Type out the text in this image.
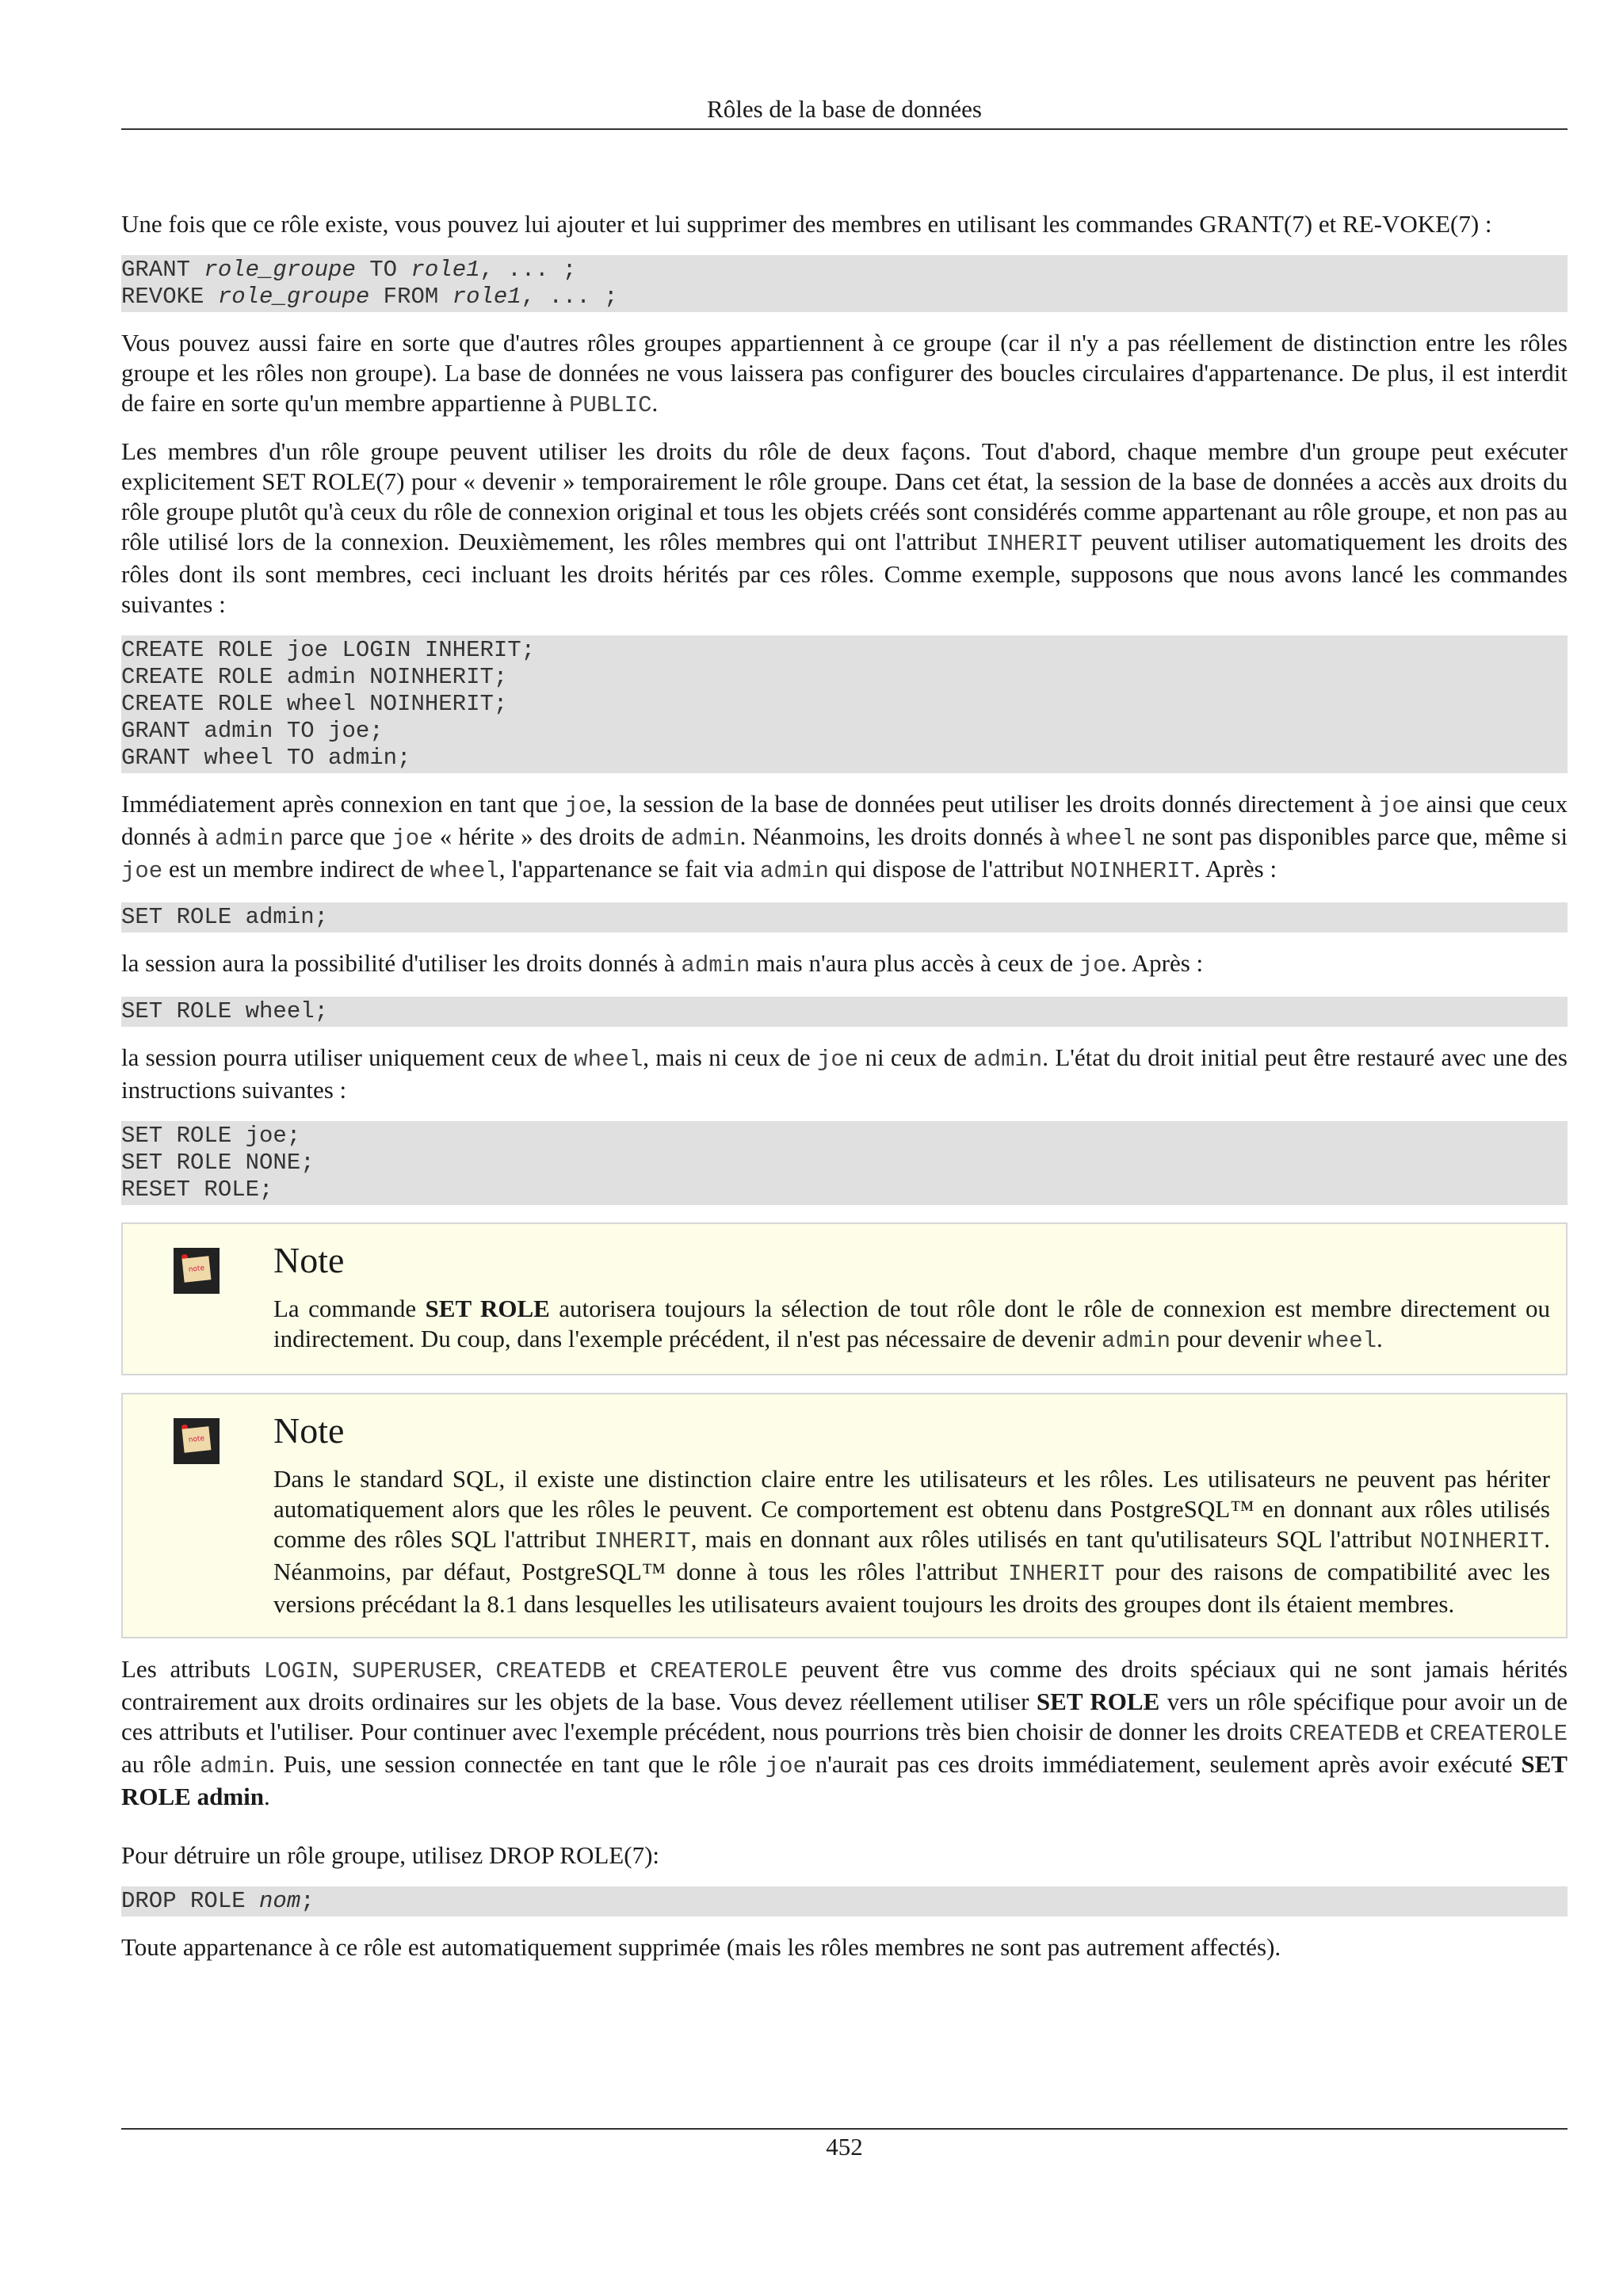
Rôles de la base de données

Une fois que ce rôle existe, vous pouvez lui ajouter et lui supprimer des membres en utilisant les commandes GRANT(7) et RE-VOKE(7) :

GRANT role_groupe TO role1, ... ;
REVOKE role_groupe FROM role1, ... ;

Vous pouvez aussi faire en sorte que d'autres rôles groupes appartiennent à ce groupe (car il n'y a pas réellement de distinction entre les rôles groupe et les rôles non groupe). La base de données ne vous laissera pas configurer des boucles circulaires d'appartenance. De plus, il est interdit de faire en sorte qu'un membre appartienne à PUBLIC.

Les membres d'un rôle groupe peuvent utiliser les droits du rôle de deux façons. Tout d'abord, chaque membre d'un groupe peut exécuter explicitement SET ROLE(7) pour « devenir » temporairement le rôle groupe. Dans cet état, la session de la base de données a accès aux droits du rôle groupe plutôt qu'à ceux du rôle de connexion original et tous les objets créés sont considérés comme appartenant au rôle groupe, et non pas au rôle utilisé lors de la connexion. Deuxièmement, les rôles membres qui ont l'attribut INHERIT peuvent utiliser automatiquement les droits des rôles dont ils sont membres, ceci incluant les droits hérités par ces rôles. Comme exemple, supposons que nous avons lancé les commandes suivantes :

CREATE ROLE joe LOGIN INHERIT;
CREATE ROLE admin NOINHERIT;
CREATE ROLE wheel NOINHERIT;
GRANT admin TO joe;
GRANT wheel TO admin;

Immédiatement après connexion en tant que joe, la session de la base de données peut utiliser les droits donnés directement à joe ainsi que ceux donnés à admin parce que joe « hérite » des droits de admin. Néanmoins, les droits donnés à wheel ne sont pas disponibles parce que, même si joe est un membre indirect de wheel, l'appartenance se fait via admin qui dispose de l'attribut NOINHERIT. Après :

SET ROLE admin;

la session aura la possibilité d'utiliser les droits donnés à admin mais n'aura plus accès à ceux de joe. Après :

SET ROLE wheel;

la session pourra utiliser uniquement ceux de wheel, mais ni ceux de joe ni ceux de admin. L'état du droit initial peut être restauré avec une des instructions suivantes :

SET ROLE joe;
SET ROLE NONE;
RESET ROLE;
note Note

La commande SET ROLE autorisera toujours la sélection de tout rôle dont le rôle de connexion est membre directement ou indirectement. Du coup, dans l'exemple précédent, il n'est pas nécessaire de devenir admin pour devenir wheel.

note Note

Dans le standard SQL, il existe une distinction claire entre les utilisateurs et les rôles. Les utilisateurs ne peuvent pas hériter automatiquement alors que les rôles le peuvent. Ce comportement est obtenu dans PostgreSQL™ en donnant aux rôles utilisés comme des rôles SQL l'attribut INHERIT, mais en donnant aux rôles utilisés en tant qu'utilisateurs SQL l'attribut NOINHERIT. Néanmoins, par défaut, PostgreSQL™ donne à tous les rôles l'attribut INHERIT pour des raisons de compatibilité avec les versions précédant la 8.1 dans lesquelles les utilisateurs avaient toujours les droits des groupes dont ils étaient membres.

Les attributs LOGIN, SUPERUSER, CREATEDB et CREATEROLE peuvent être vus comme des droits spéciaux qui ne sont jamais hérités contrairement aux droits ordinaires sur les objets de la base. Vous devez réellement utiliser SET ROLE vers un rôle spécifique pour avoir un de ces attributs et l'utiliser. Pour continuer avec l'exemple précédent, nous pourrions très bien choisir de donner les droits CREATEDB et CREATEROLE au rôle admin. Puis, une session connectée en tant que le rôle joe n'aurait pas ces droits immédiatement, seulement après avoir exécuté SET ROLE admin.

Pour détruire un rôle groupe, utilisez DROP ROLE(7):

DROP ROLE nom;

Toute appartenance à ce rôle est automatiquement supprimée (mais les rôles membres ne sont pas autrement affectés).

452
